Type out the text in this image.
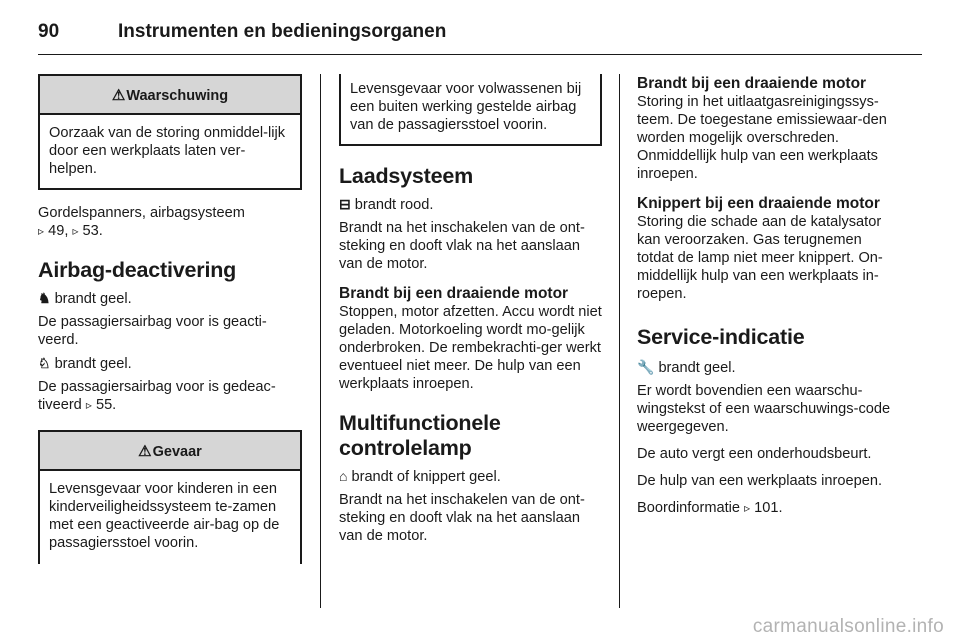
90	Instrumenten en bedieningsorganen
⚠Waarschuwing
Oorzaak van de storing onmiddel-lijk door een werkplaats laten ver-helpen.

Gordelspanners, airbagsysteem
▹ 49, ▹ 53.

Airbag-deactivering

♞ brandt geel.

De passagiersairbag voor is geacti-veerd.

♘ brandt geel.

De passagiersairbag voor is gedeac-tiveerd ▹ 55.

⚠Gevaar
Levensgevaar voor kinderen in een kinderveiligheidssysteem te-zamen met een geactiveerde air-bag op de passagiersstoel voorin.
Levensgevaar voor volwassenen bij een buiten werking gestelde airbag van de passagiersstoel voorin.
Laadsysteem

⊟ brandt rood.

Brandt na het inschakelen van de ont-steking en dooft vlak na het aanslaan van de motor.

Brandt bij een draaiende motor

Stoppen, motor afzetten. Accu wordt niet geladen. Motorkoeling wordt mo-gelijk onderbroken. De rembekrachti-ger werkt eventueel niet meer. De hulp van een werkplaats inroepen.

Multifunctionele controlelamp

⌂ brandt of knippert geel.

Brandt na het inschakelen van de ont-steking en dooft vlak na het aanslaan van de motor.

Brandt bij een draaiende motor

Storing in het uitlaatgasreinigingssys-teem. De toegestane emissiewaar-den worden mogelijk overschreden. Onmiddellijk hulp van een werkplaats inroepen.

Knippert bij een draaiende motor

Storing die schade aan de katalysator kan veroorzaken. Gas terugnemen totdat de lamp niet meer knippert. On-middellijk hulp van een werkplaats in-roepen.

Service-indicatie

🔧 brandt geel.

Er wordt bovendien een waarschu-wingstekst of een waarschuwings-code weergegeven.

De auto vergt een onderhoudsbeurt.

De hulp van een werkplaats inroepen.

Boordinformatie ▹ 101.

carmanualsonline.info
